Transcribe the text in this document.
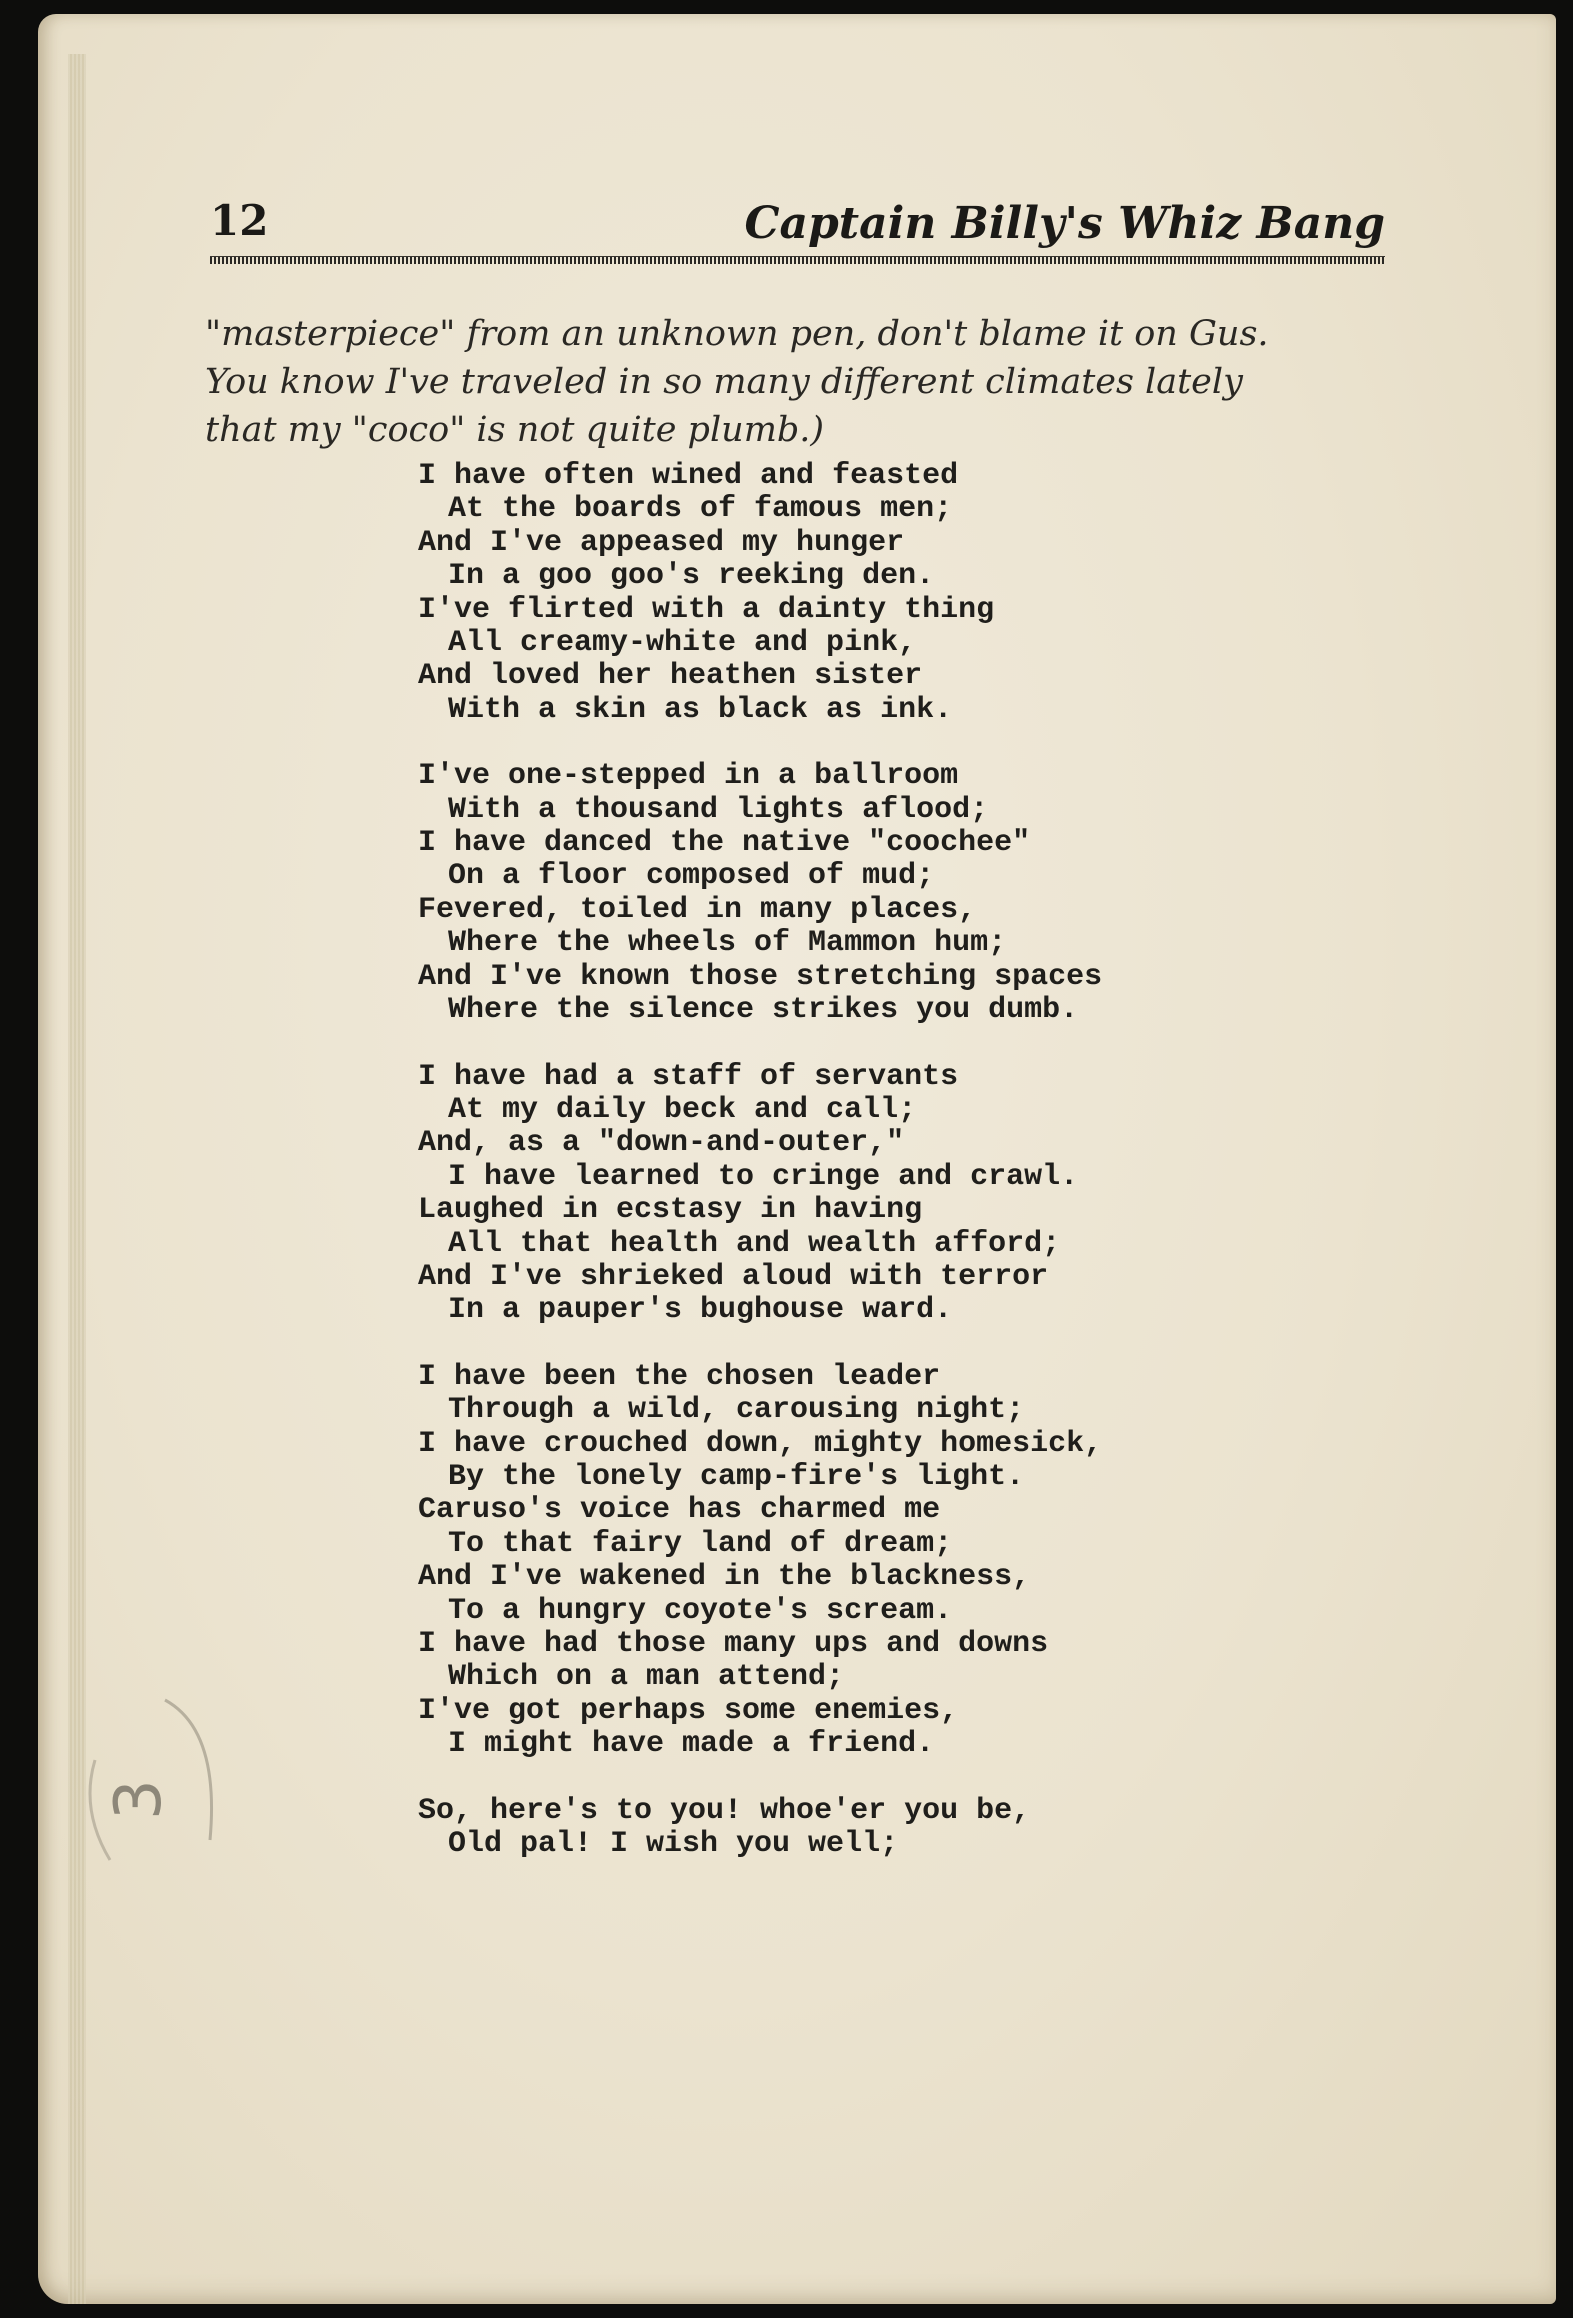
12	Captain Billy's Whiz Bang
"masterpiece" from an unknown pen, don't blame it on Gus.
You know I've traveled in so many different climates lately
that my "coco" is not quite plumb.)
I have often wined and feasted
At the boards of famous men;
And I've appeased my hunger
In a goo goo's reeking den.
I've flirted with a dainty thing
All creamy-white and pink,
And loved her heathen sister
With a skin as black as ink.
I've one-stepped in a ballroom
With a thousand lights aflood;
I have danced the native "coochee"
On a floor composed of mud;
Fevered, toiled in many places,
Where the wheels of Mammon hum;
And I've known those stretching spaces
Where the silence strikes you dumb.
I have had a staff of servants
At my daily beck and call;
And, as a "down-and-outer,"
I have learned to cringe and crawl.
Laughed in ecstasy in having
All that health and wealth afford;
And I've shrieked aloud with terror
In a pauper's bughouse ward.
I have been the chosen leader
Through a wild, carousing night;
I have crouched down, mighty homesick,
By the lonely camp-fire's light.
Caruso's voice has charmed me
To that fairy land of dream;
And I've wakened in the blackness,
To a hungry coyote's scream.
I have had those many ups and downs
Which on a man attend;
I've got perhaps some enemies,
I might have made a friend.
So, here's to you! whoe'er you be,
Old pal! I wish you well;
3
